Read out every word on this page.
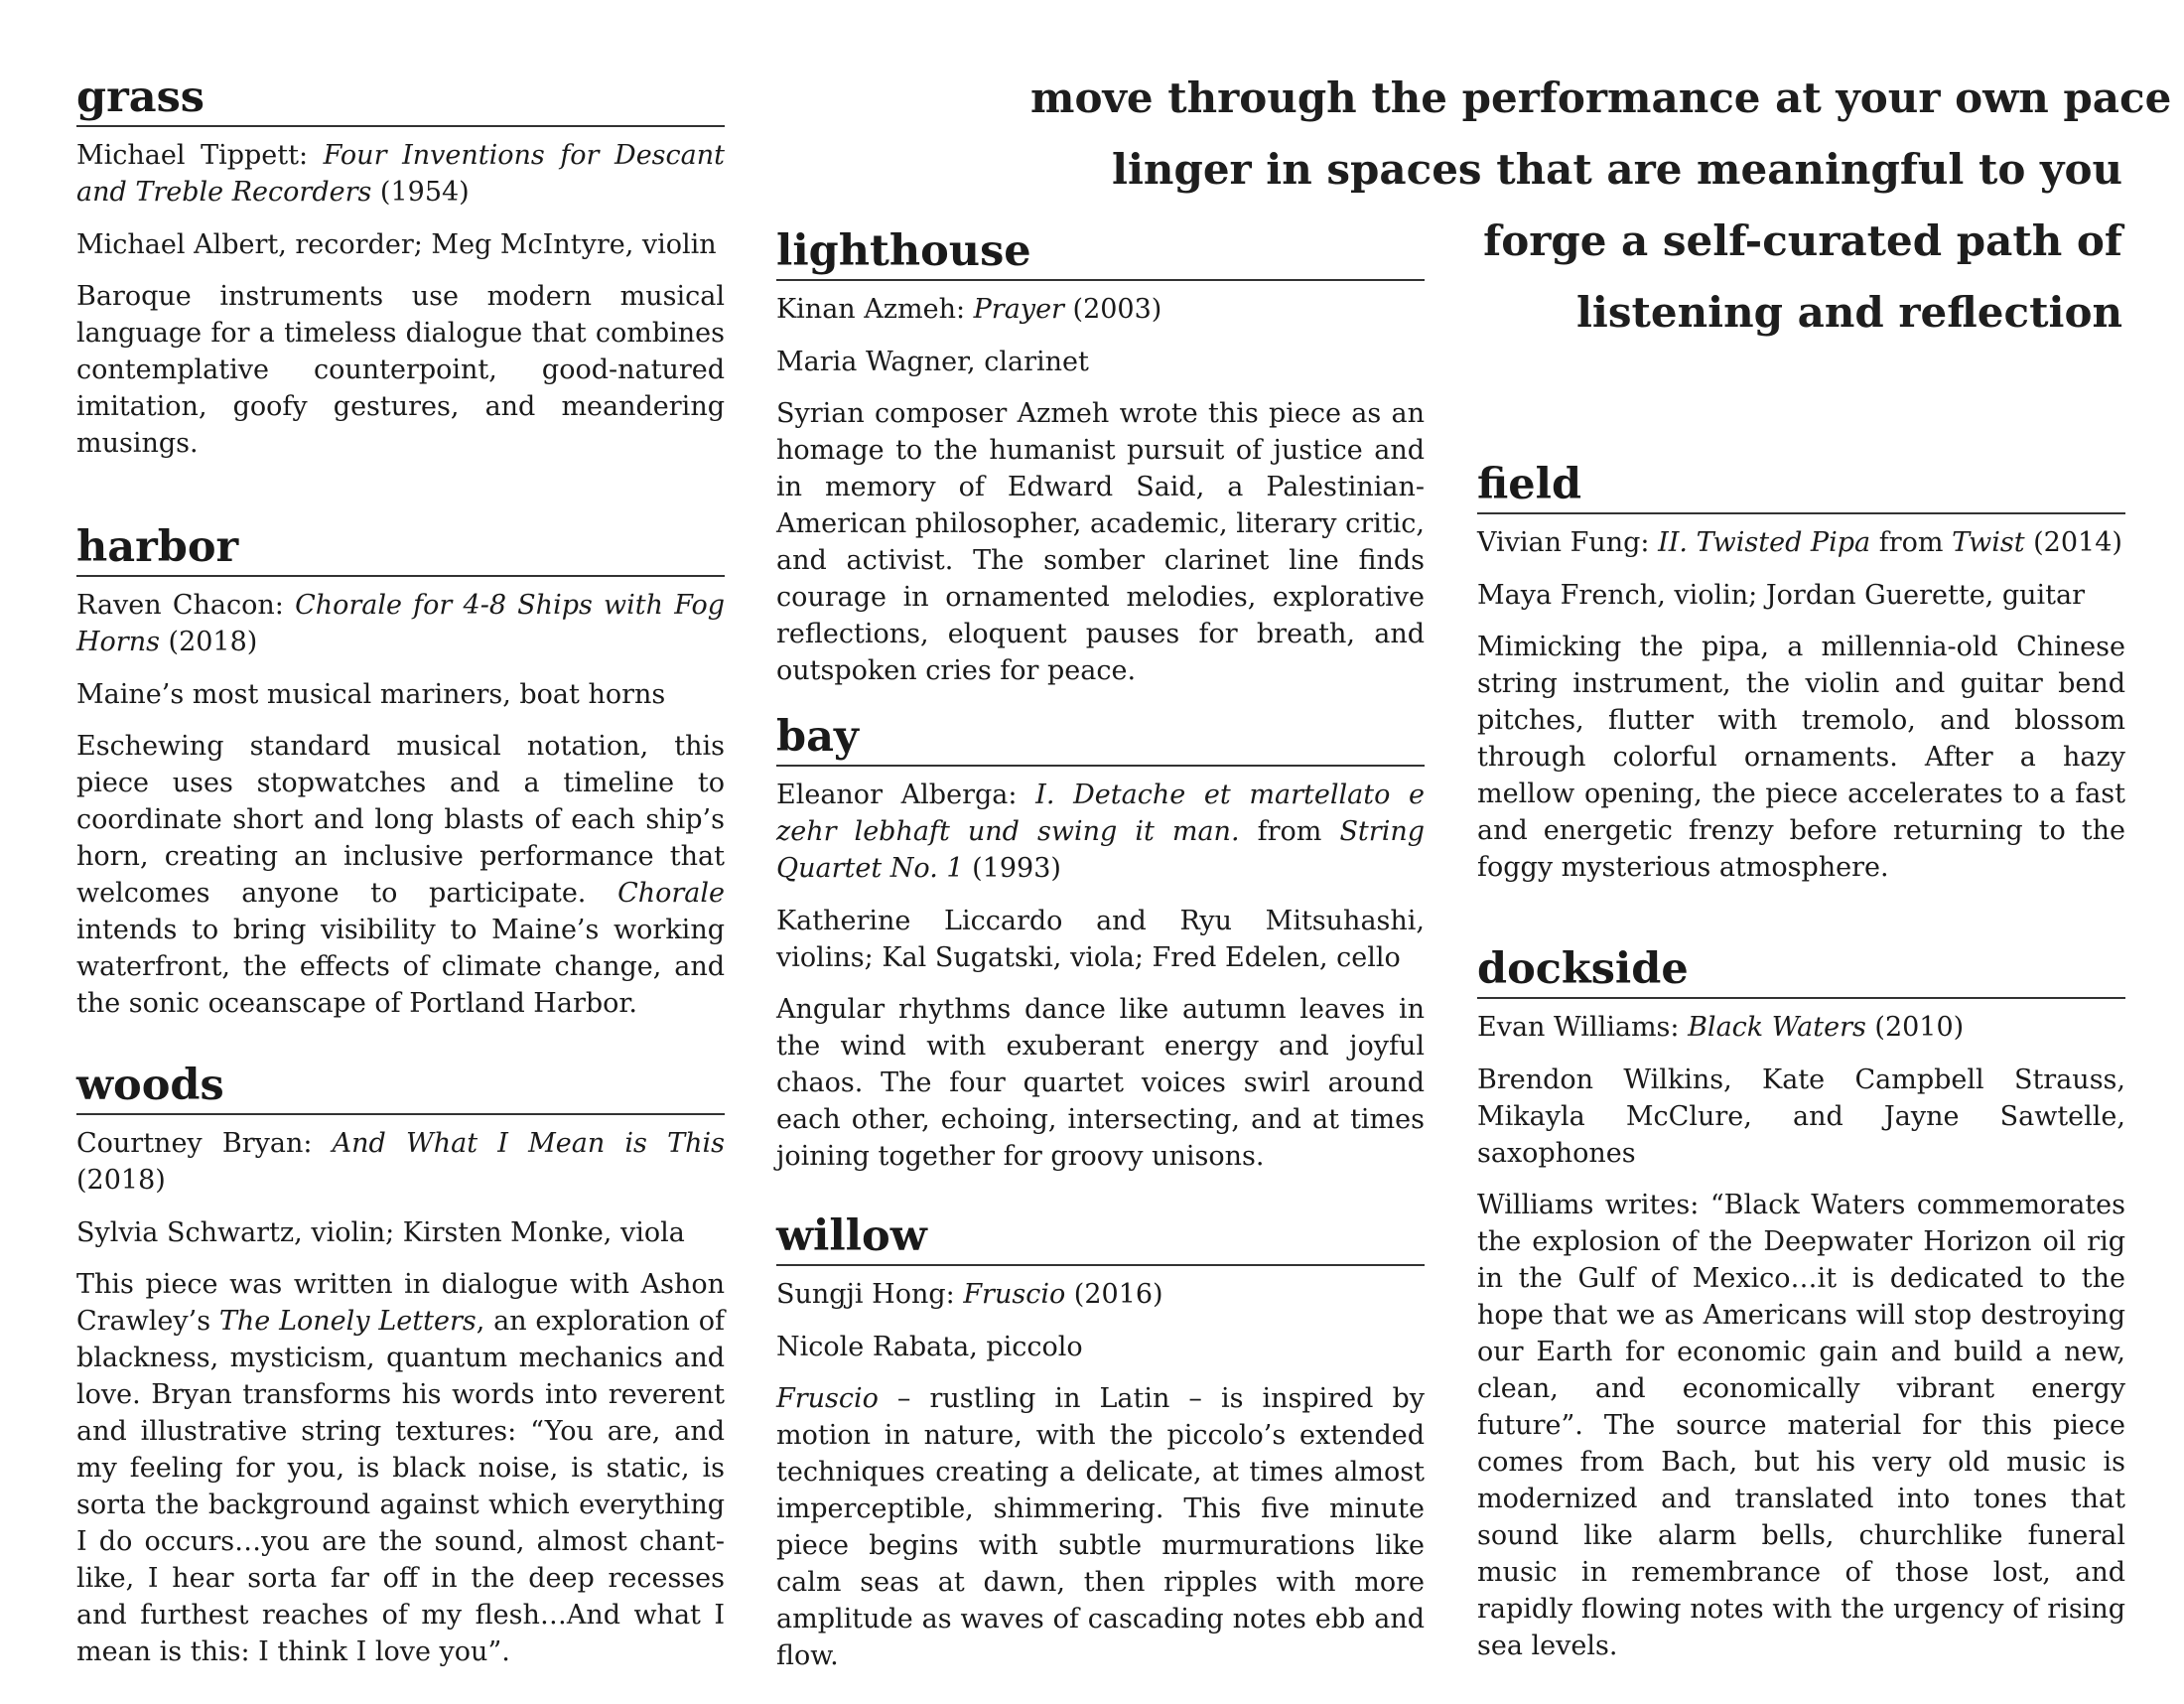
move through the performance at your own pace
linger in spaces that are meaningful to you
forge a self-curated path of
listening and reflection
grass

Michael Tippett: Four Inventions for Descant and Treble Recorders (1954)

Michael Albert, recorder; Meg McIntyre, violin

Baroque instruments use modern musical language for a timeless dialogue that combines contemplative counterpoint, good-natured imitation, goofy gestures, and meandering musings.

harbor

Raven Chacon: Chorale for 4-8 Ships with Fog Horns (2018)

Maine’s most musical mariners, boat horns

Eschewing standard musical notation, this piece uses stopwatches and a timeline to coordinate short and long blasts of each ship’s horn, creating an inclusive performance that welcomes anyone to participate. Chorale intends to bring visibility to Maine’s working waterfront, the effects of climate change, and the sonic oceanscape of Portland Harbor.

woods

Courtney Bryan: And What I Mean is This (2018)

Sylvia Schwartz, violin; Kirsten Monke, viola

This piece was written in dialogue with Ashon Crawley’s The Lonely Letters, an exploration of blackness, mysticism, quantum mechanics and love. Bryan transforms his words into reverent and illustrative string textures: “You are, and my feeling for you, is black noise, is static, is sorta the background against which everything I do occurs…you are the sound, almost chant-like, I hear sorta far off in the deep recesses and furthest reaches of my flesh…And what I mean is this: I think I love you”.

lighthouse

Kinan Azmeh: Prayer (2003)

Maria Wagner, clarinet

Syrian composer Azmeh wrote this piece as an homage to the humanist pursuit of justice and in memory of Edward Said, a Palestinian-American philosopher, academic, literary critic, and activist. The somber clarinet line finds courage in ornamented melodies, explorative reflections, eloquent pauses for breath, and outspoken cries for peace.

bay

Eleanor Alberga: I. Detache et martellato e zehr lebhaft und swing it man. from String Quartet No. 1 (1993)

Katherine Liccardo and Ryu Mitsuhashi, violins; Kal Sugatski, viola; Fred Edelen, cello

Angular rhythms dance like autumn leaves in the wind with exuberant energy and joyful chaos. The four quartet voices swirl around each other, echoing, intersecting, and at times joining together for groovy unisons.

willow

Sungji Hong: Fruscio (2016)

Nicole Rabata, piccolo

Fruscio – rustling in Latin – is inspired by motion in nature, with the piccolo’s extended techniques creating a delicate, at times almost imperceptible, shimmering. This five minute piece begins with subtle murmurations like calm seas at dawn, then ripples with more amplitude as waves of cascading notes ebb and flow.

field

Vivian Fung: II. Twisted Pipa from Twist (2014)

Maya French, violin; Jordan Guerette, guitar

Mimicking the pipa, a millennia-old Chinese string instrument, the violin and guitar bend pitches, flutter with tremolo, and blossom through colorful ornaments. After a hazy mellow opening, the piece accelerates to a fast and energetic frenzy before returning to the foggy mysterious atmosphere.

dockside

Evan Williams: Black Waters (2010)

Brendon Wilkins, Kate Campbell Strauss, Mikayla McClure, and Jayne Sawtelle, saxophones

Williams writes: “Black Waters commemorates the explosion of the Deepwater Horizon oil rig in the Gulf of Mexico…it is dedicated to the hope that we as Americans will stop destroying our Earth for economic gain and build a new, clean, and economically vibrant energy future”. The source material for this piece comes from Bach, but his very old music is modernized and translated into tones that sound like alarm bells, churchlike funeral music in remembrance of those lost, and rapidly flowing notes with the urgency of rising sea levels.
